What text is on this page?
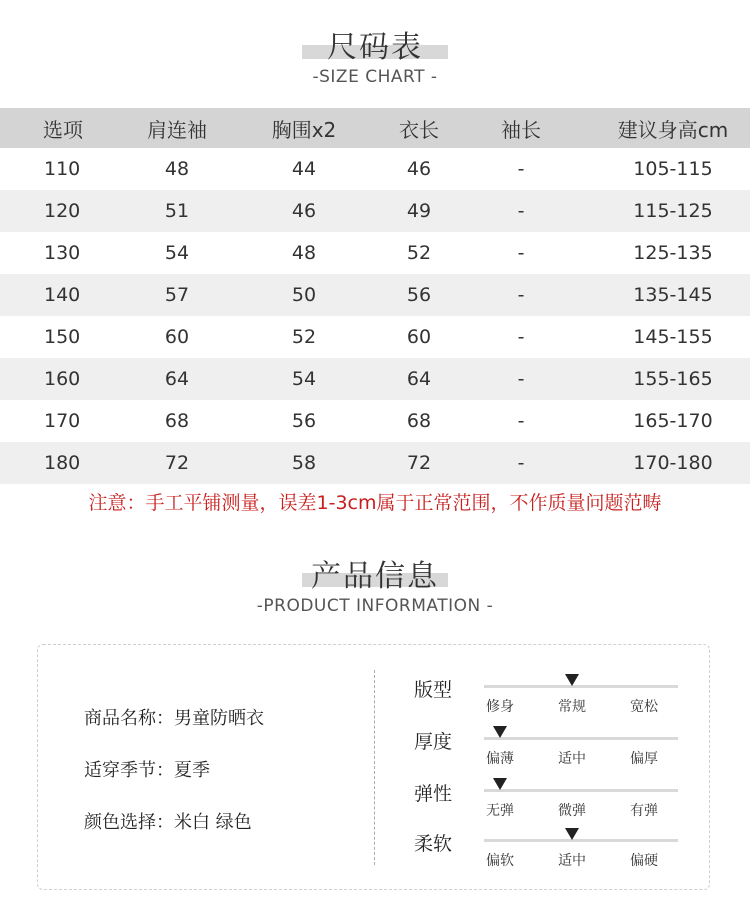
尺码表
-SIZE CHART -
选项	肩连袖	胸围x2	衣长	袖长	建议身高cm
110	48	44	46	-	105-115
120	51	46	49	-	115-125
130	54	48	52	-	125-135
140	57	50	56	-	135-145
150	60	52	60	-	145-155
160	64	54	64	-	155-165
170	68	56	68	-	165-170
180	72	58	72	-	170-180
注意：手工平铺测量，误差1-3cm属于正常范围，不作质量问题范畴
产品信息
-PRODUCT INFORMATION -
商品名称：男童防晒衣
适穿季节：夏季
颜色选择：米白 绿色
版型
修身	常规	宽松
厚度
偏薄	适中	偏厚
弹性
无弹	微弹	有弹
柔软
偏软	适中	偏硬
